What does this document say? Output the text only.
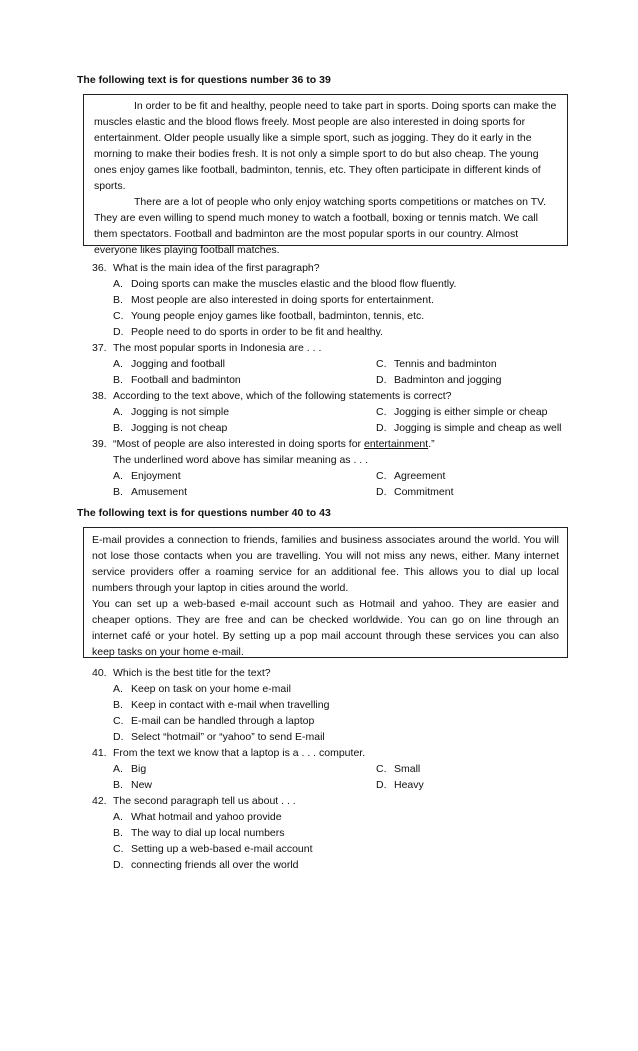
The following text is for questions number 36 to 39

In order to be fit and healthy, people need to take part in sports. Doing sports can make the muscles elastic and the blood flows freely. Most people are also interested in doing sports for entertainment. Older people usually like a simple sport, such as jogging. They do it early in the morning to make their bodies fresh. It is not only a simple sport to do but also cheap. The young ones enjoy games like football, badminton, tennis, etc. They often participate in different kinds of sports.

There are a lot of people who only enjoy watching sports competitions or matches on TV. They are even willing to spend much money to watch a football, boxing or tennis match. We call them spectators. Football and badminton are the most popular sports in our country. Almost everyone likes playing football matches.

36. What is the main idea of the first paragraph?
A. Doing sports can make the muscles elastic and the blood flow fluently.
B. Most people are also interested in doing sports for entertainment.
C. Young people enjoy games like football, badminton, tennis, etc.
D. People need to do sports in order to be fit and healthy.
37. The most popular sports in Indonesia are . . .
A. Jogging and football
B. Football and badminton
C. Tennis and badminton
D. Badminton and jogging
38. According to the text above, which of the following statements is correct?
A. Jogging is not simple
B. Jogging is not cheap
C. Jogging is either simple or cheap
D. Jogging is simple and cheap as well
39. “Most of people are also interested in doing sports for entertainment.”
The underlined word above has similar meaning as . . .
A. Enjoyment
B. Amusement
C. Agreement
D. Commitment
The following text is for questions number 40 to 43

E-mail provides a connection to friends, families and business associates around the world. You will not lose those contacts when you are travelling. You will not miss any news, either. Many internet service providers offer a roaming service for an additional fee. This allows you to dial up local numbers through your laptop in cities around the world.

You can set up a web-based e-mail account such as Hotmail and yahoo. They are easier and cheaper options. They are free and can be checked worldwide. You can go on line through an internet café or your hotel. By setting up a pop mail account through these services you can also keep tasks on your home e-mail.

40. Which is the best title for the text?
A. Keep on task on your home e-mail
B. Keep in contact with e-mail when travelling
C. E-mail can be handled through a laptop
D. Select “hotmail” or “yahoo” to send E-mail
41. From the text we know that a laptop is a . . . computer.
A. Big
B. New
C. Small
D. Heavy
42. The second paragraph tell us about . . .
A. What hotmail and yahoo provide
B. The way to dial up local numbers
C. Setting up a web-based e-mail account
D. connecting friends all over the world
